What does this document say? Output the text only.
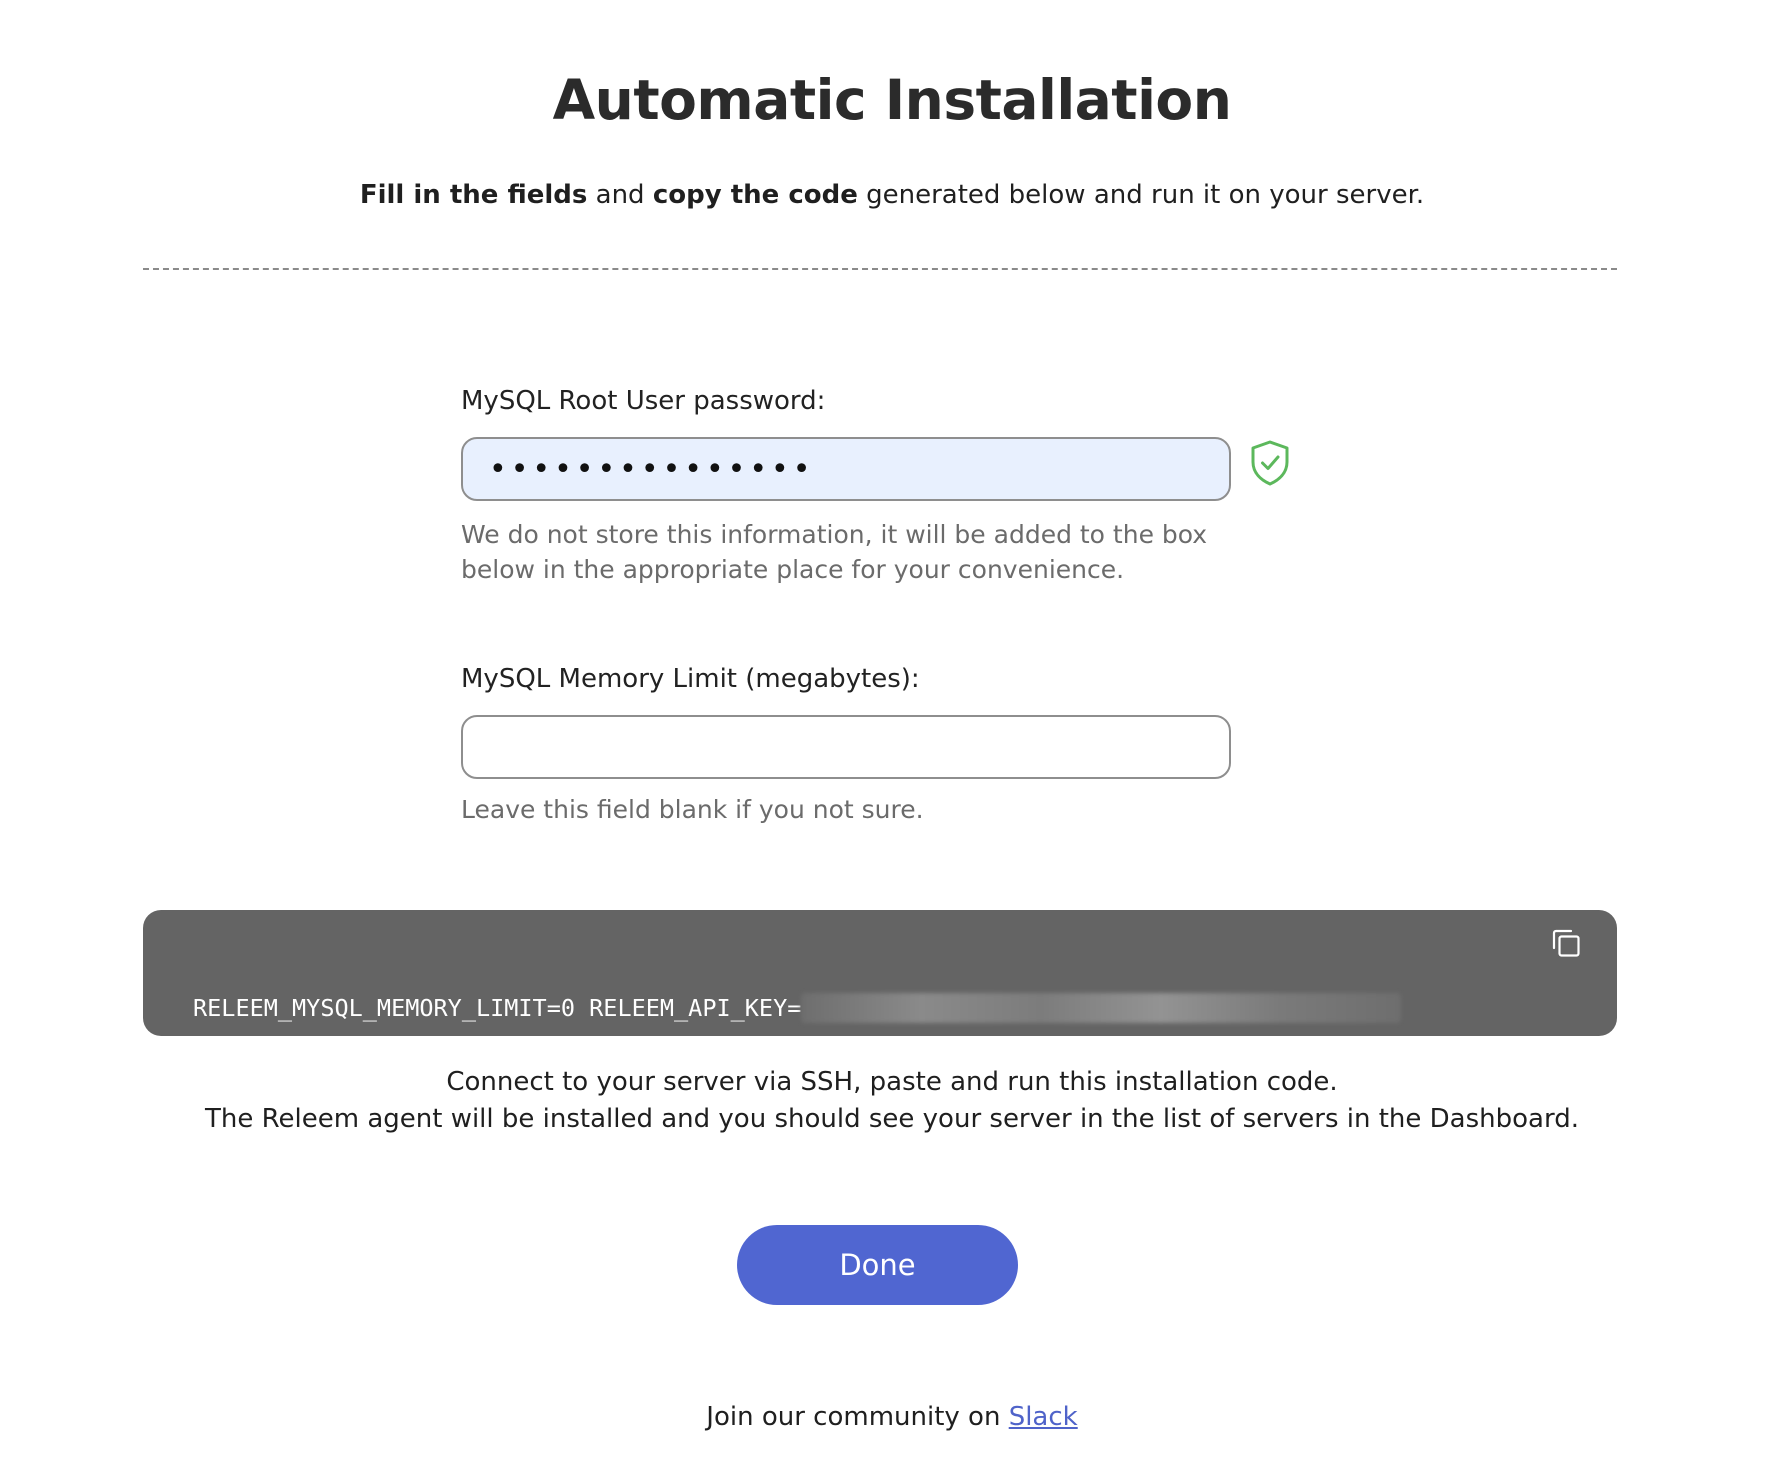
Automatic Installation
Fill in the fields and copy the code generated below and run it on your server.
MySQL Root User password:
•••••••••••••••
We do not store this information, it will be added to the box below in the appropriate place for your convenience.
MySQL Memory Limit (megabytes):
Leave this field blank if you not sure.

RELEEM_MYSQL_MEMORY_LIMIT=0 RELEEM_API_KEY=

Connect to your server via SSH, paste and run this installation code.
The Releem agent will be installed and you should see your server in the list of servers in the Dashboard.
Done
Join our community on Slack
